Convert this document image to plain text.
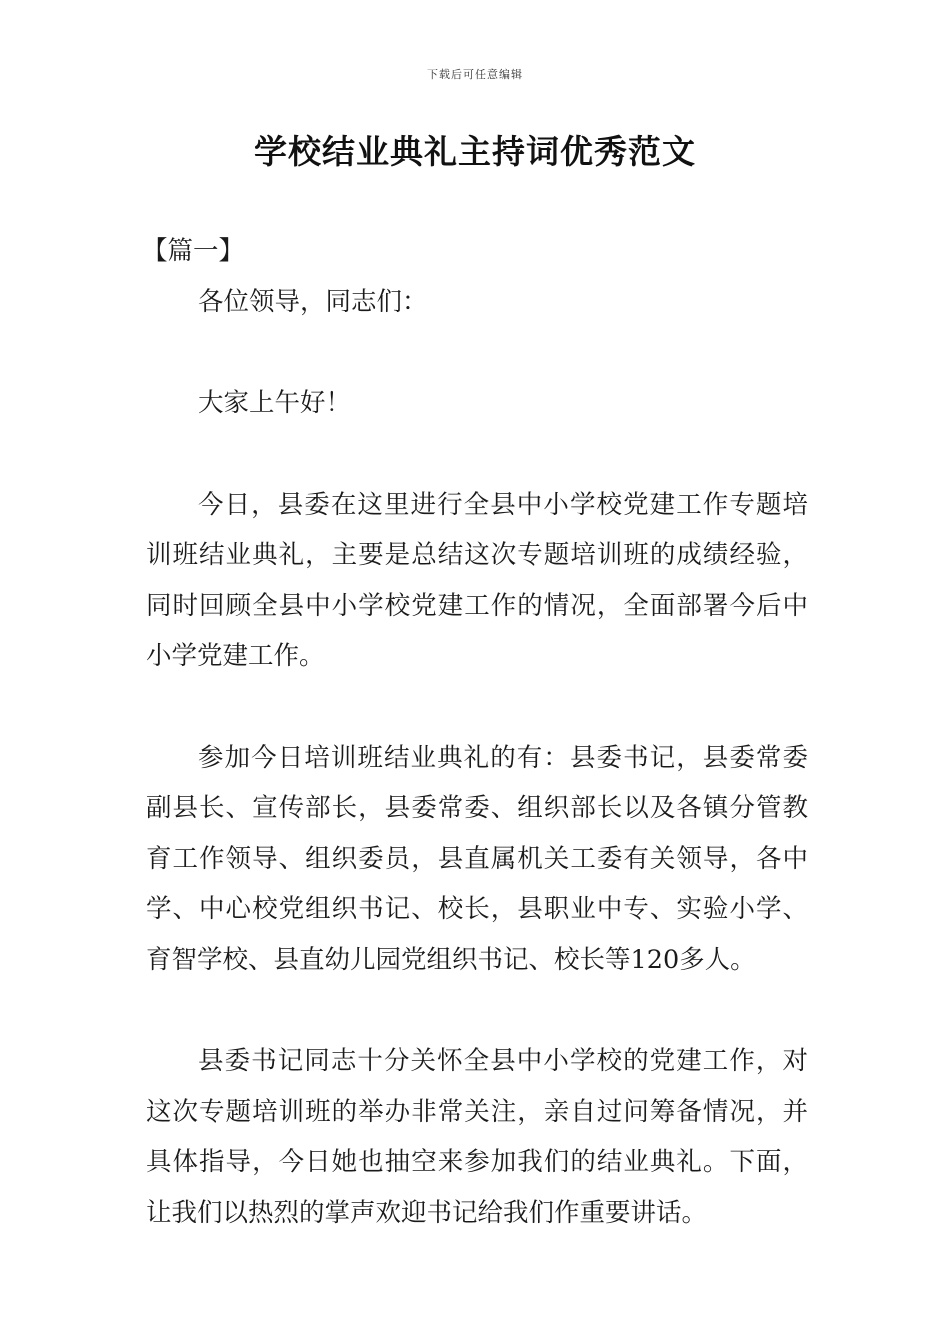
下载后可任意编辑
学校结业典礼主持词优秀范文

【篇一】

各位领导，同志们：

大家上午好！

今日，县委在这里进行全县中小学校党建工作专题培训班结业典礼，主要是总结这次专题培训班的成绩经验，同时回顾全县中小学校党建工作的情况，全面部署今后中小学党建工作。

参加今日培训班结业典礼的有：县委书记，县委常委副县长、宣传部长，县委常委、组织部长以及各镇分管教育工作领导、组织委员，县直属机关工委有关领导，各中学、中心校党组织书记、校长，县职业中专、实验小学、育智学校、县直幼儿园党组织书记、校长等120多人。

县委书记同志十分关怀全县中小学校的党建工作，对这次专题培训班的举办非常关注，亲自过问筹备情况，并具体指导，今日她也抽空来参加我们的结业典礼。下面，让我们以热烈的掌声欢迎书记给我们作重要讲话。
